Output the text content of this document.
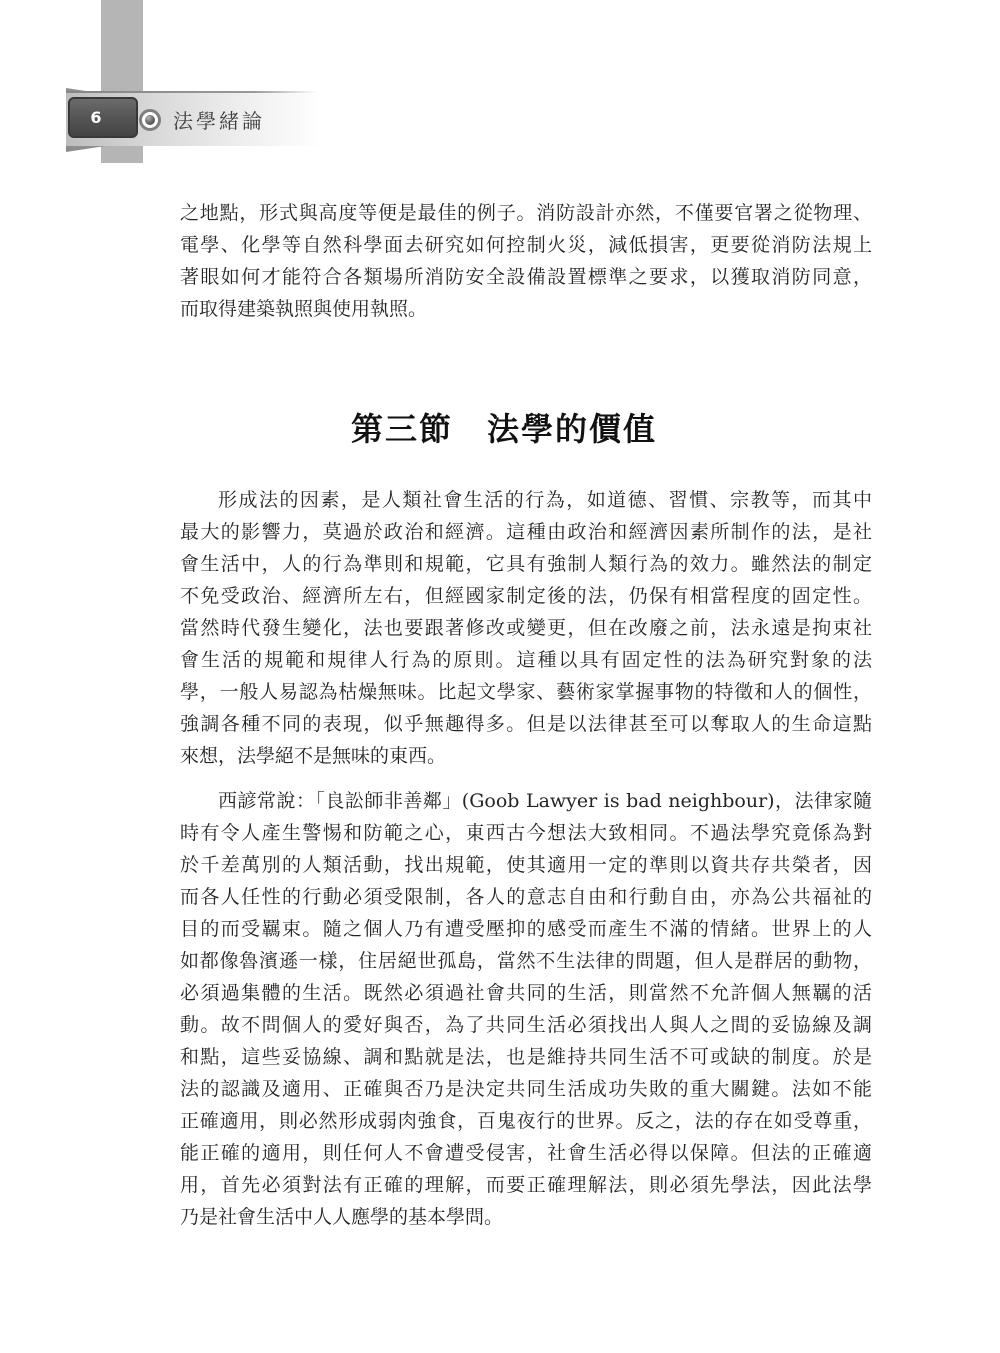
6	法學緒論
第三節　法學的價值
之地點，形式與高度等便是最佳的例子。消防設計亦然，不僅要官署之從物理、
電學、化學等自然科學面去研究如何控制火災，減低損害，更要從消防法規上
著眼如何才能符合各類場所消防安全設備設置標準之要求，以獲取消防同意，
而取得建築執照與使用執照。
形成法的因素，是人類社會生活的行為，如道德、習慣、宗教等，而其中
最大的影響力，莫過於政治和經濟。這種由政治和經濟因素所制作的法，是社
會生活中，人的行為準則和規範，它具有強制人類行為的效力。雖然法的制定
不免受政治、經濟所左右，但經國家制定後的法，仍保有相當程度的固定性。
當然時代發生變化，法也要跟著修改或變更，但在改廢之前，法永遠是拘束社
會生活的規範和規律人行為的原則。這種以具有固定性的法為研究對象的法
學，一般人易認為枯燥無味。比起文學家、藝術家掌握事物的特徵和人的個性，
強調各種不同的表現，似乎無趣得多。但是以法律甚至可以奪取人的生命這點
來想，法學絕不是無味的東西。
西諺常說：「良訟師非善鄰」(Goob Lawyer is bad neighbour)，法律家隨
時有令人產生警惕和防範之心，東西古今想法大致相同。不過法學究竟係為對
於千差萬別的人類活動，找出規範，使其適用一定的準則以資共存共榮者，因
而各人任性的行動必須受限制，各人的意志自由和行動自由，亦為公共福祉的
目的而受羈束。隨之個人乃有遭受壓抑的感受而產生不滿的情緒。世界上的人
如都像魯濱遜一樣，住居絕世孤島，當然不生法律的問題，但人是群居的動物，
必須過集體的生活。既然必須過社會共同的生活，則當然不允許個人無羈的活
動。故不問個人的愛好與否，為了共同生活必須找出人與人之間的妥協線及調
和點，這些妥協線、調和點就是法，也是維持共同生活不可或缺的制度。於是
法的認識及適用、正確與否乃是決定共同生活成功失敗的重大關鍵。法如不能
正確適用，則必然形成弱肉強食，百鬼夜行的世界。反之，法的存在如受尊重，
能正確的適用，則任何人不會遭受侵害，社會生活必得以保障。但法的正確適
用，首先必須對法有正確的理解，而要正確理解法，則必須先學法，因此法學
乃是社會生活中人人應學的基本學問。
